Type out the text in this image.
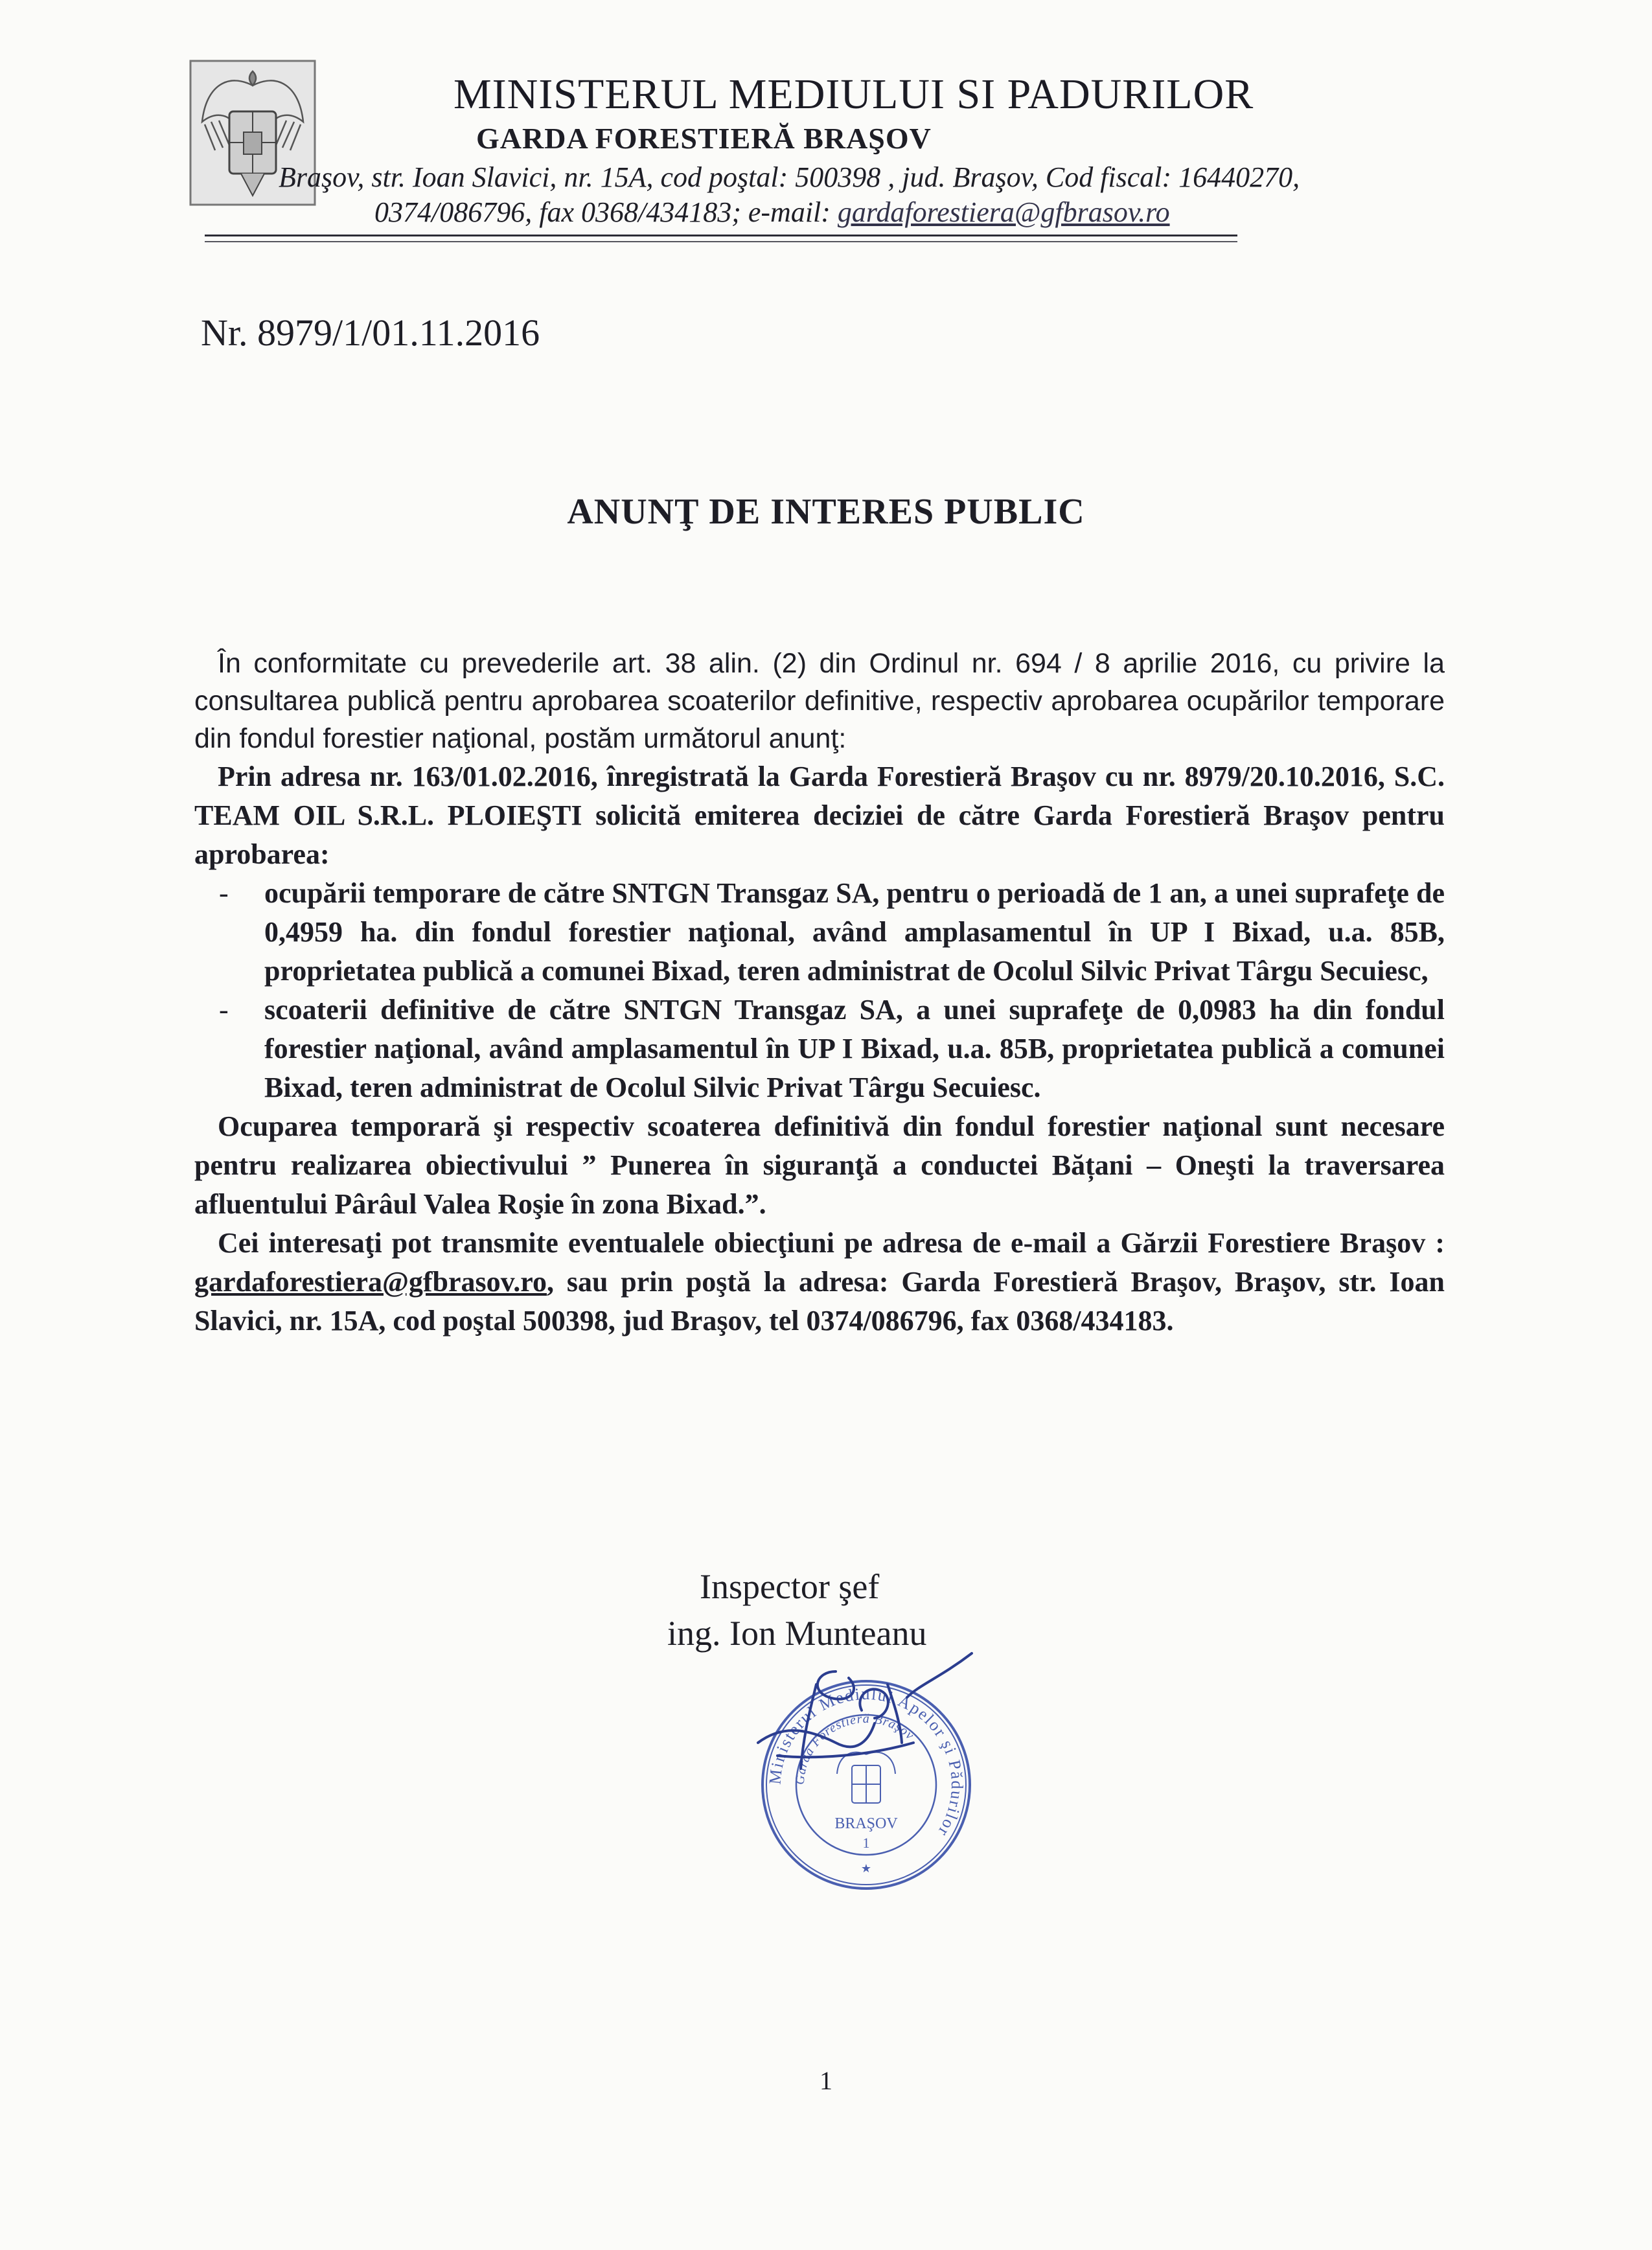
MINISTERUL MEDIULUI SI PADURILOR
GARDA FORESTIERĂ BRAŞOV
Braşov, str. Ioan Slavici, nr. 15A, cod poştal: 500398 , jud. Braşov, Cod fiscal: 16440270,
0374/086796, fax 0368/434183; e-mail: gardaforestiera@gfbrasov.ro
Nr. 8979/1/01.11.2016
ANUNŢ DE INTERES PUBLIC

În conformitate cu prevederile art. 38 alin. (2) din Ordinul nr. 694 / 8 aprilie 2016, cu privire la consultarea publică pentru aprobarea scoaterilor definitive, respectiv aprobarea ocupărilor temporare din fondul forestier naţional, postăm următorul anunţ:

Prin adresa nr. 163/01.02.2016, înregistrată la Garda Forestieră Braşov cu nr. 8979/20.10.2016, S.C. TEAM OIL S.R.L. PLOIEŞTI solicită emiterea deciziei de către Garda Forestieră Braşov pentru aprobarea:

- ocupării temporare de către SNTGN Transgaz SA, pentru o perioadă de 1 an, a unei suprafeţe de 0,4959 ha. din fondul forestier naţional, având amplasamentul în UP I Bixad, u.a. 85B, proprietatea publică a comunei Bixad, teren administrat de Ocolul Silvic Privat Târgu Secuiesc,
- scoaterii definitive de către SNTGN Transgaz SA, a unei suprafeţe de 0,0983 ha din fondul forestier naţional, având amplasamentul în UP I Bixad, u.a. 85B, proprietatea publică a comunei Bixad, teren administrat de Ocolul Silvic Privat Târgu Secuiesc.

Ocuparea temporară şi respectiv scoaterea definitivă din fondul forestier naţional sunt necesare pentru realizarea obiectivului ” Punerea în siguranţă a conductei Bățani – Oneşti la traversarea afluentului Pârâul Valea Roşie în zona Bixad.”.

Cei interesaţi pot transmite eventualele obiecţiuni pe adresa de e-mail a Gărzii Forestiere Braşov : gardaforestiera@gfbrasov.ro, sau prin poştă la adresa: Garda Forestieră Braşov, Braşov, str. Ioan Slavici, nr. 15A, cod poştal 500398, jud Braşov, tel 0374/086796, fax 0368/434183.

Inspector şef
ing. Ion Munteanu
Ministerul Mediului Apelor şi Pădurilor
Garda Forestieră Braşov
BRAŞOV
1
★
1
